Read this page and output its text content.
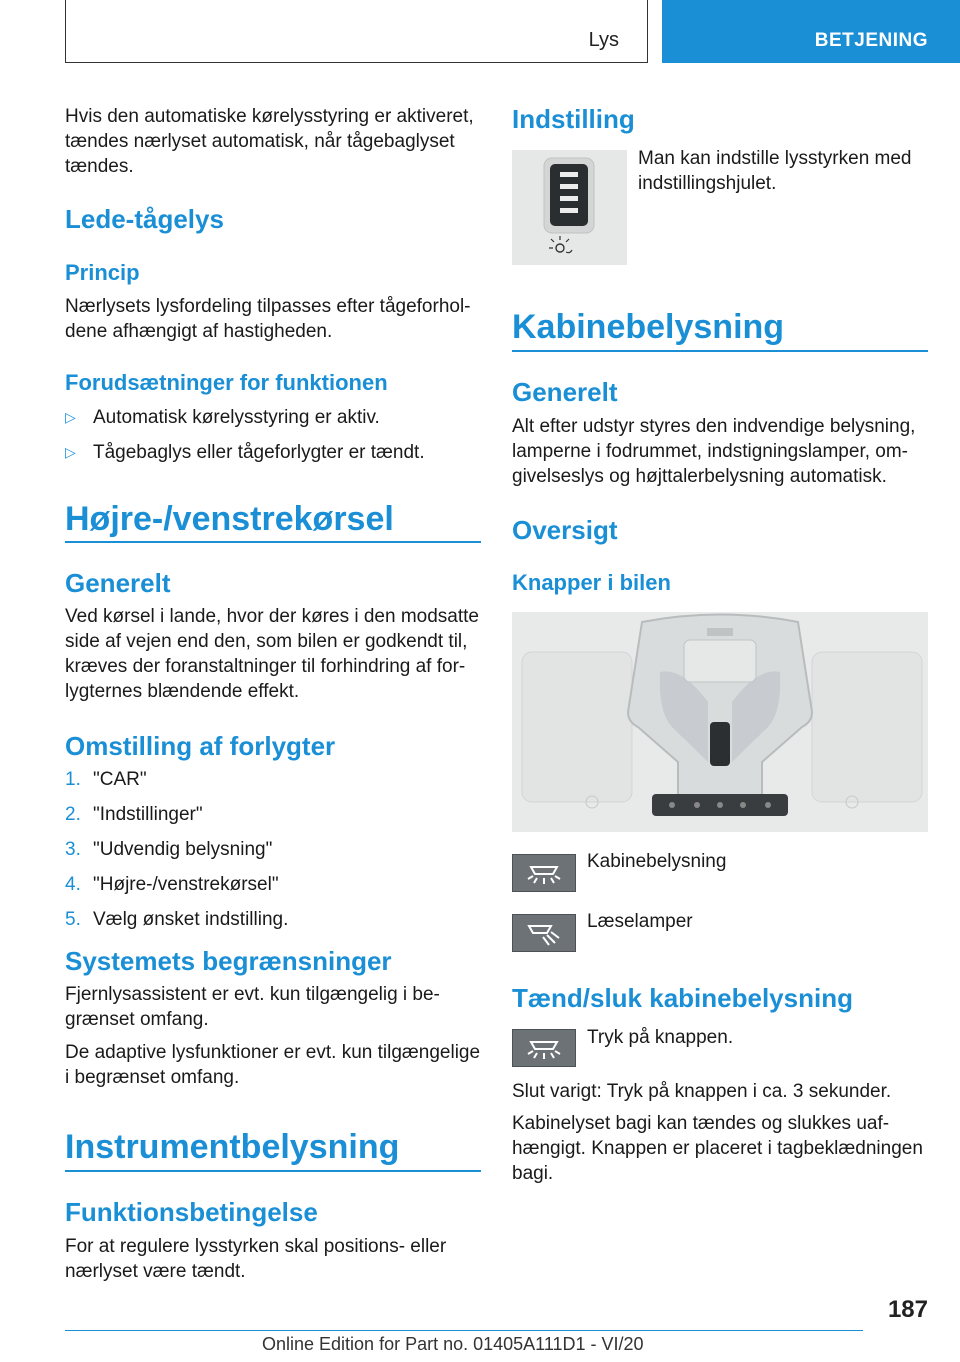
Lys	BETJENING

Hvis den automatiske kørelysstyring er aktiveret, tændes nærlyset automatisk, når tågebaglyset tændes.

Lede-tågelys
Princip

Nærlysets lysfordeling tilpasses efter tågeforhol-dene afhængigt af hastigheden.

Forudsætninger for funktionen
▷ Automatisk kørelysstyring er aktiv.
▷ Tågebaglys eller tågeforlygter er tændt.
Højre-/venstrekørsel
Generelt

Ved kørsel i lande, hvor der køres i den modsatte side af vejen end den, som bilen er godkendt til, kræves der foranstaltninger til forhindring af for-lygternes blændende effekt.

Omstilling af forlygter
1. "CAR"
2. "Indstillinger"
3. "Udvendig belysning"
4. "Højre-/venstrekørsel"
5. Vælg ønsket indstilling.
Systemets begrænsninger

Fjernlysassistent er evt. kun tilgængelig i be-grænset omfang.

De adaptive lysfunktioner er evt. kun tilgængelige i begrænset omfang.

Instrumentbelysning
Funktionsbetingelse

For at regulere lysstyrken skal positions- eller nærlyset være tændt.

Indstilling

Man kan indstille lysstyrken med indstillingshjulet.

Kabinebelysning
Generelt

Alt efter udstyr styres den indvendige belysning, lamperne i fodrummet, indstigningslamper, om-givelseslys og højttalerbelysning automatisk.

Oversigt
Knapper i bilen
Kabinebelysning
Læselamper
Tænd/sluk kabinebelysning
Tryk på knappen.

Slut varigt: Tryk på knappen i ca. 3 sekunder.

Kabinelyset bagi kan tændes og slukkes uaf-hængigt. Knappen er placeret i tagbeklædningen bagi.

187
Online Edition for Part no. 01405A111D1 - VI/20
